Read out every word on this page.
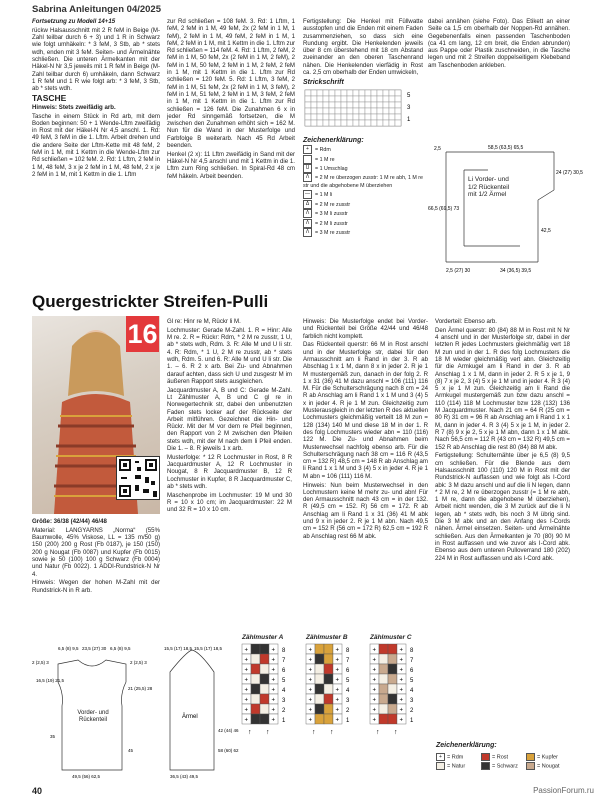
Sabrina Anleitungen 04/2025

Fortsetzung zu Modell 14+15

rückw Halsausschnitt mit 2 R feM in Beige (M-Zahl teilbar durch 6 + 3) und 1 R in Schwarz wie folgt umhäkeln: * 3 feM, 3 Stb, ab * stets wdh, enden mit 3 feM. Seiten- und Ärmelnähte schließen. Die unteren Ärmelkanten mit der Häkel-N Nr 3,5 jeweils mit 1 R feM in Beige (M-Zahl teilbar durch 6) umhäkeln, dann Schwarz 1 R feM und 1 R wie folgt arb: * 3 feM, 3 Stb, ab * stets wdh.

TASCHE

Hinweis: Stets zweifädig arb.

Tasche in einem Stück in Rd arb, mit dem Boden beginnen: 50 + 1 Wende-Lftm zweifädig in Rost mit der Häkel-N Nr 4,5 anschl. 1. Rd: 49 feM, 3 feM in die 1. Lftm. Arbeit drehen und die andere Seite der Lftm-Kette mit 48 feM, 2 feM in 1 M, mit 1 Kettm in die Wende-Lftm zur Rd schließen = 102 feM. 2. Rd: 1 Lftm, 2 feM in 1 M, 48 feM, 3 x je 2 feM in 1 M, 48 feM, 2 x je 2 feM in 1 M, mit 1 Kettm in die 1. Lftm

zur Rd schließen = 108 feM. 3. Rd: 1 Lftm, 1 feM, 2 feM in 1 M, 49 feM, 2x (2 feM in 1 M, 1 feM), 2 feM in 1 M, 49 feM, 2 feM in 1 M, 1 feM, 2 feM in 1 M, mit 1 Kettm in die 1. Lftm zur Rd schließen = 114 feM. 4. Rd: 1 Lftm, 2 feM, 2 feM in 1 M, 50 feM, 2x (2 feM in 1 M, 2 feM), 2 feM in 1 M, 50 feM, 2 feM in 1 M, 2 feM, 2 feM in 1 M, mit 1 Kettm in die 1. Lftm zur Rd schließen = 120 feM. 5. Rd: 1 Lftm, 3 feM, 2 feM in 1 M, 51 feM, 2x (2 feM in 1 M, 3 feM), 2 feM in 1 M, 51 feM, 2 feM in 1 M, 3 feM, 2 feM in 1 M, mit 1 Kettm in die 1. Lftm zur Rd schließen = 126 feM. Die Zunahmen 6 x in jeder Rd sinngemäß fortsetzen, die M zwischen den Zunahmen erhöht sich = 162 M. Nun für die Wand in der Musterfolge und Farbfolge B weiterarb. Nach 45 Rd Arbeit beenden.

Henkel (2 x): 11 Lftm zweifädig in Sand mit der Häkel-N Nr 4,5 anschl und mit 1 Kettm in die 1. Lftm zum Ring schließen. In Spiral-Rd 48 cm feM häkeln. Arbeit beenden.

Fertigstellung: Die Henkel mit Füllwatte ausstopfen und die Enden mit einem Faden zusammenziehen, so dass sich eine Rundung ergibt. Die Henkelenden jeweils über 8 cm überstehend mit 18 cm Abstand zueinander an den oberen Taschenrand nähen. Die Henkelenden vierfädig in Rost ca. 2,5 cm oberhalb der Enden umwickeln,

Strickschrift
5
3
1
Zeichenerklärung:
+ = Rdm
= 1 M re
U = 1 Umschlag
Λ = 2 M re überzogen zusstr: 1 M re abh, 1 M re str und die abgehobene M überziehen
— = 1 M li
Δ = 2 M re zusstr
Λ = 3 M li zusstr
Λ = 2 M li zusstr
Λ = 3 M re zusstr

dabei annähen (siehe Foto). Das Etikett an einer Seite ca 1,5 cm oberhalb der Noppen-Rd annähen. Gegebenenfalls einen passenden Taschenboden (ca 41 cm lang, 12 cm breit, die Enden abrunden) aus Pappe oder Plastik zuschneiden, in die Tasche legen und mit 2 Streifen doppelseitigem Klebeband am Taschenboden ankleben.

2,5	58,5 (63,5) 65,5
66,5 (69,5) 73
24 (27) 30,5
42,5
2,5 (27) 30	34 (36,5) 39,5
Li Vorder- und 1/2 Rückenteil mit 1/2 Ärmel
Quergestrickter Streifen-Pulli
16

Größe: 36/38 (42/44) 46/48

Material: LANGYARNS „Norma“ (55% Baumwolle, 45% Viskose, LL = 135 m/50 g) 150 (200) 200 g Rost (Fb 0187), je 150 (150) 200 g Nougat (Fb 0087) und Kupfer (Fb 0015) sowie je 50 (100) 100 g Schwarz (Fb 0004) und Natur (Fb 0022). 1 ADDI-Rundstrick-N Nr 4.

Hinweis: Wegen der hohen M-Zahl mit der Rundstrick-N in R arb.

Gl re: Hinr re M, Rückr li M.

Lochmuster: Gerade M-Zahl. 1. R = Hinr: Alle M re. 2. R = Rückr: Rdm, * 2 M re zusstr, 1 U, ab * stets wdh, Rdm. 3. R: Alle M und U li str. 4. R: Rdm, * 1 U, 2 M re zusstr, ab * stets wdh, Rdm. 5. und 6. R: Alle M und U li str. Die 1. – 6. R 2 x arb. Bei Zu- und Abnahmen darauf achten, dass sich U und zusgestr M im äußeren Rapport stets ausgleichen.

Jacquardmuster A, B und C: Gerade M-Zahl. Lt Zählmuster A, B und C gl re in Norwegertechnik str, dabei den unbenutzten Faden stets locker auf der Rückseite der Arbeit mitführen. Gezeichnet die Hin- und Rückr. Mit der M vor dem re Pfeil beginnen, den Rapport von 2 M zwischen den Pfeilen stets wdh, mit der M nach dem li Pfeil enden. Die 1. – 8. R jeweils 1 x arb.

Musterfolge: * 12 R Lochmuster in Rost, 8 R Jacquardmuster A, 12 R Lochmuster in Nougat, 8 R Jacquardmuster B, 12 R Lochmuster in Kupfer, 8 R Jacquardmuster C, ab * stets wdh.

Maschenprobe im Lochmuster: 19 M und 30 R = 10 x 10 cm; im Jacquardmuster: 22 M und 32 R = 10 x 10 cm.

Hinweis: Die Musterfolge endet bei Vorder- und Rückenteil bei Größe 42/44 und 46/48 farblich nicht komplett.

Das Rückenteil querstr: 66 M in Rost anschl und in der Musterfolge str, dabei für den Armausschnitt am li Rand in der 3. R ab Abschlag 1 x 1 M, dann 8 x in jeder 2. R je 1 M mustergemäß zun, danach in der folg 2. R 1 x 31 (36) 41 M dazu anschl = 106 (111) 116 M. Für die Schulterschrägung nach 8 cm = 24 R ab Anschlag am li Rand 1 x 1 M und 3 (4) 5 x in jeder 4. R je 1 M zun. Gleichzeitig zum Musterausgleich in der letzten R des aktuellen Lochmusters gleichmäßig verteilt 18 M zun = 128 (134) 140 M und diese 18 M in der 1. R des folg Lochmusters wieder abn = 110 (116) 122 M. Die Zu- und Abnahmen beim Musterwechsel nachfolg ebenso arb. Für die Schulterschrägung nach 38 cm = 116 R (43,5 cm = 132 R) 48,5 cm = 148 R ab Anschlag am li Rand 1 x 1 M und 3 (4) 5 x in jeder 4. R je 1 M abn = 106 (111) 116 M.

Hinweis: Nun beim Musterwechsel in den Lochmustern keine M mehr zu- und abn! Für den Armausschnitt nach 43 cm = in der 132. R (49,5 cm = 152. R) 56 cm = 172. R ab Anschlag am li Rand 1 x 31 (36) 41 M abk und 9 x in jeder 2. R je 1 M abn. Nach 49,5 cm = 152 R (56 cm = 172 R) 62,5 cm = 192 R ab Anschlag rest 66 M abk.

Vorderteil: Ebenso arb.

Den Ärmel querstr: 80 (84) 88 M in Rost mit N Nr 4 anschl und in der Musterfolge str, dabei in der letzten R jedes Lochmusters gleichmäßig vert 18 M zun und in der 1. R des folg Lochmusters die 18 M wieder gleichmäßig vert abn. Gleichzeitig für die Armkugel am li Rand in der 3. R ab Anschlag 1 x 1 M, dann in jeder 2. R 5 x je 1, 9 (8) 7 x je 2, 3 (4) 5 x je 1 M und in jeder 4. R 3 (4) 5 x je 1 M zun. Gleichzeitig am li Rand die Armkugel mustergemäß zun bzw dazu anschl = 110 (114) 118 M Lochmuster bzw 128 (132) 136 M Jacquardmuster. Nach 21 cm = 64 R (25 cm = 80 R) 31 cm = 96 R ab Anschlag am li Rand 1 x 1 M, dann in jeder 4. R 3 (4) 5 x je 1 M, in jeder 2. R 7 (8) 9 x je 2, 5 x je 1 M abn, dann 1 x 1 M abk. Nach 56,5 cm = 112 R (43 cm = 132 R) 49,5 cm = 152 R ab Anschlag die rest 80 (84) 88 M abk.

Fertigstellung: Schulternähte über je 6,5 (8) 9,5 cm schließen. Für die Blende aus dem Halsausschnitt 100 (110) 120 M in Rost mit der Rundstrick-N auffassen und wie folgt als I-Cord abk: 3 M dazu anschl und auf die li N legen, dann * 2 M re, 2 M re überzogen zusstr (= 1 M re abh, 1 M re, dann die abgehobene M überziehen), Arbeit nicht wenden, die 3 M zurück auf die li N legen, ab * stets wdh, bis noch 3 M übrig sind. Die 3 M abk und an den Anfang des I-Cords nähen. Ärmel einsetzen. Seiten- und Ärmelnähte schließen. Aus den Ärmelkanten je 70 (80) 90 M in Rost auffassen und wie zuvor als I-Cord abk. Ebenso aus dem unteren Pulloverrand 180 (202) 224 M in Rost auffassen und als I-Cord abk.

6,5 (8) 9,5 23,5 (27) 30 6,5 (8) 9,5
2 (2,5) 3	2 (2,5) 3
16,5 (19) 21,5
35
21 (25,5) 28
45
49,5 (56) 62,5
Vorder- und Rückenteil
15,5 (17) 18,5 15,5 (17) 18,5
42 (44) 46
58 (60) 62
36,5 (43) 49,5
Ärmel
Zählmuster A	Zählmuster B	Zählmuster C
+	+ 8
+	+ 7
+	+ 6
+	+ 5
+	+ 4
+	+ 3
+	+ 2
+	+ 1
↑ ↑
+	+ 8
+	+ 7
+	+ 6
+	+ 5
+	+ 4
+	+ 3
+	+ 2
+	+ 1
↑ ↑
+	+ 8
+	+ 7
+	+ 6
+	+ 5
+	+ 4
+	+ 3
+	+ 2
+	+ 1
↑ ↑
Zeichenerklärung:
+ = Rdm	= Rost	= Kupfer= Natur	= Schwarz	= Nougat
40	PassionForum.ru
